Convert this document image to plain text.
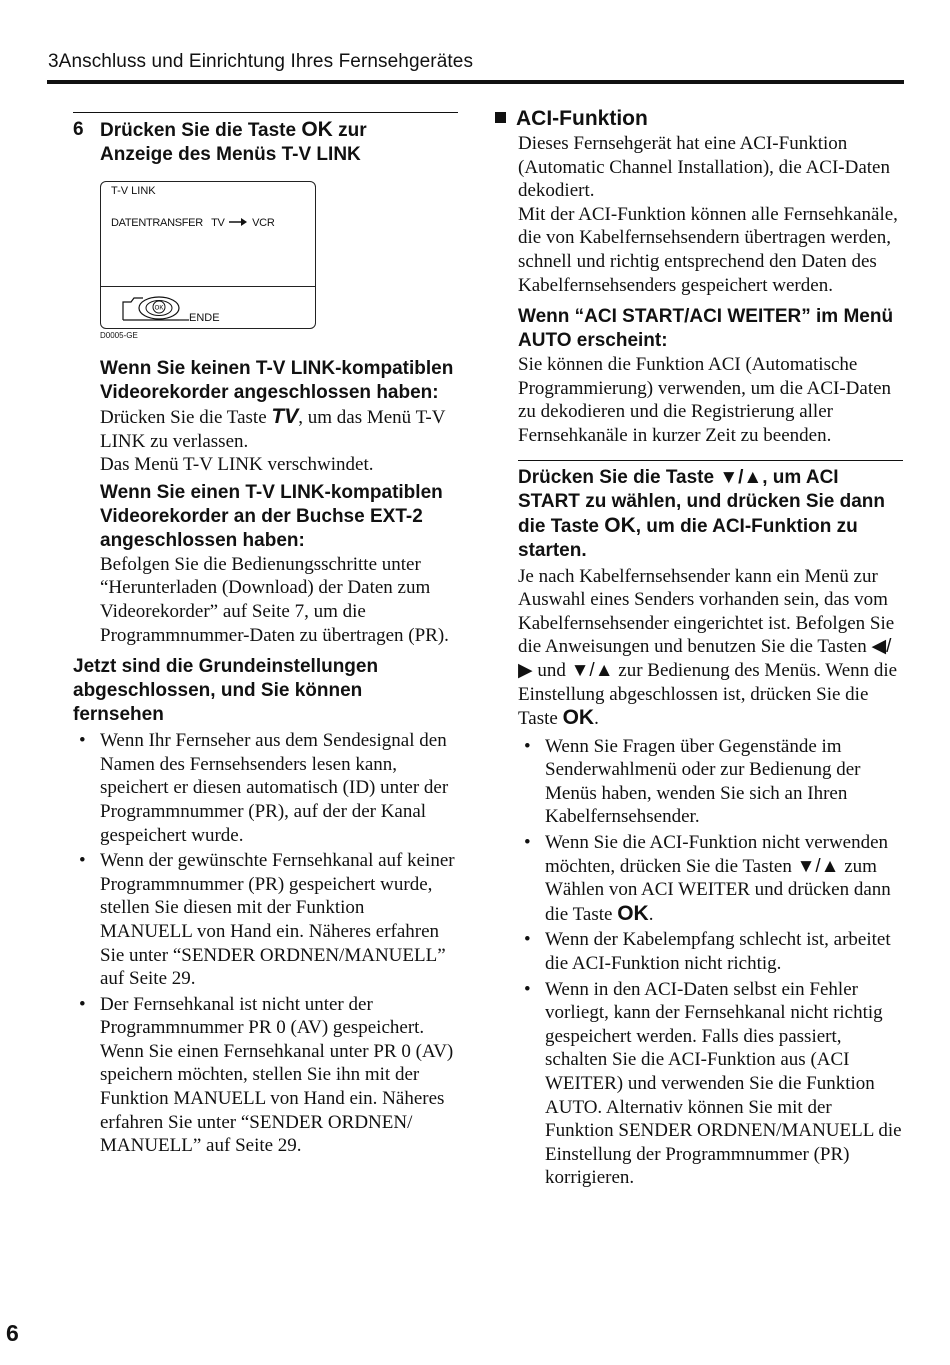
3Anschluss und Einrichtung Ihres Fernsehgerätes
6 Drücken Sie die Taste OK zur
Anzeige des Menüs T-V LINK
T-V LINK
DATENTRANSFER TV	VCR
OK
ENDE
D0005-GE
Wenn Sie keinen T-V LINK-kompatiblen Videorekorder angeschlossen haben:
Drücken Sie die Taste TV, um das Menü T-V LINK zu verlassen.
Das Menü T-V LINK verschwindet.
Wenn Sie einen T-V LINK-kompatiblen Videorekorder an der Buchse EXT-2 angeschlossen haben:
Befolgen Sie die Bedienungsschritte unter “Herunterladen (Download) der Daten zum Videorekorder” auf Seite 7, um die Programmnummer-Daten zu übertragen (PR).
Jetzt sind die Grundeinstellungen abgeschlossen, und Sie können fernsehen
• Wenn Ihr Fernseher aus dem Sendesignal den Namen des Fernsehsenders lesen kann, speichert er diesen automatisch (ID) unter der Programmnummer (PR), auf der der Kanal gespeichert wurde.
• Wenn der gewünschte Fernsehkanal auf keiner Programmnummer (PR) gespeichert wurde, stellen Sie diesen mit der Funktion MANUELL von Hand ein. Näheres erfahren Sie unter “SENDER ORDNEN/MANUELL” auf Seite 29.
• Der Fernsehkanal ist nicht unter der Programmnummer PR 0 (AV) gespeichert. Wenn Sie einen Fernsehkanal unter PR 0 (AV) speichern möchten, stellen Sie ihn mit der Funktion MANUELL von Hand ein. Näheres erfahren Sie unter “SENDER ORDNEN/ MANUELL” auf Seite 29.
ACI-Funktion
Dieses Fernsehgerät hat eine ACI-Funktion (Automatic Channel Installation), die ACI-Daten dekodiert.
Mit der ACI-Funktion können alle Fernsehkanäle, die von Kabelfernsehsendern übertragen werden, schnell und richtig entsprechend den Daten des Kabelfernsehsenders gespeichert werden.
Wenn “ACI START/ACI WEITER” im Menü AUTO erscheint:
Sie können die Funktion ACI (Automatische Programmierung) verwenden, um die ACI-Daten zu dekodieren und die Registrierung aller Fernsehkanäle in kurzer Zeit zu beenden.
Drücken Sie die Taste ▼/▲, um ACI START zu wählen, und drücken Sie dann die Taste OK, um die ACI-Funktion zu starten.
Je nach Kabelfernsehsender kann ein Menü zur Auswahl eines Senders vorhanden sein, das vom Kabelfernsehsender eingerichtet ist. Befolgen Sie die Anweisungen und benutzen Sie die Tasten ◀/▶ und ▼/▲ zur Bedienung des Menüs. Wenn die Einstellung abgeschlossen ist, drücken Sie die Taste OK.
• Wenn Sie Fragen über Gegenstände im Senderwahlmenü oder zur Bedienung der Menüs haben, wenden Sie sich an Ihren Kabelfernsehsender.
• Wenn Sie die ACI-Funktion nicht verwenden möchten, drücken Sie die Tasten ▼/▲ zum Wählen von ACI WEITER und drücken dann die Taste OK.
• Wenn der Kabelempfang schlecht ist, arbeitet die ACI-Funktion nicht richtig.
• Wenn in den ACI-Daten selbst ein Fehler vorliegt, kann der Fernsehkanal nicht richtig gespeichert werden. Falls dies passiert, schalten Sie die ACI-Funktion aus (ACI WEITER) und verwenden Sie die Funktion AUTO. Alternativ können Sie mit der Funktion SENDER ORDNEN/MANUELL die Einstellung der Programmnummer (PR) korrigieren.
6
